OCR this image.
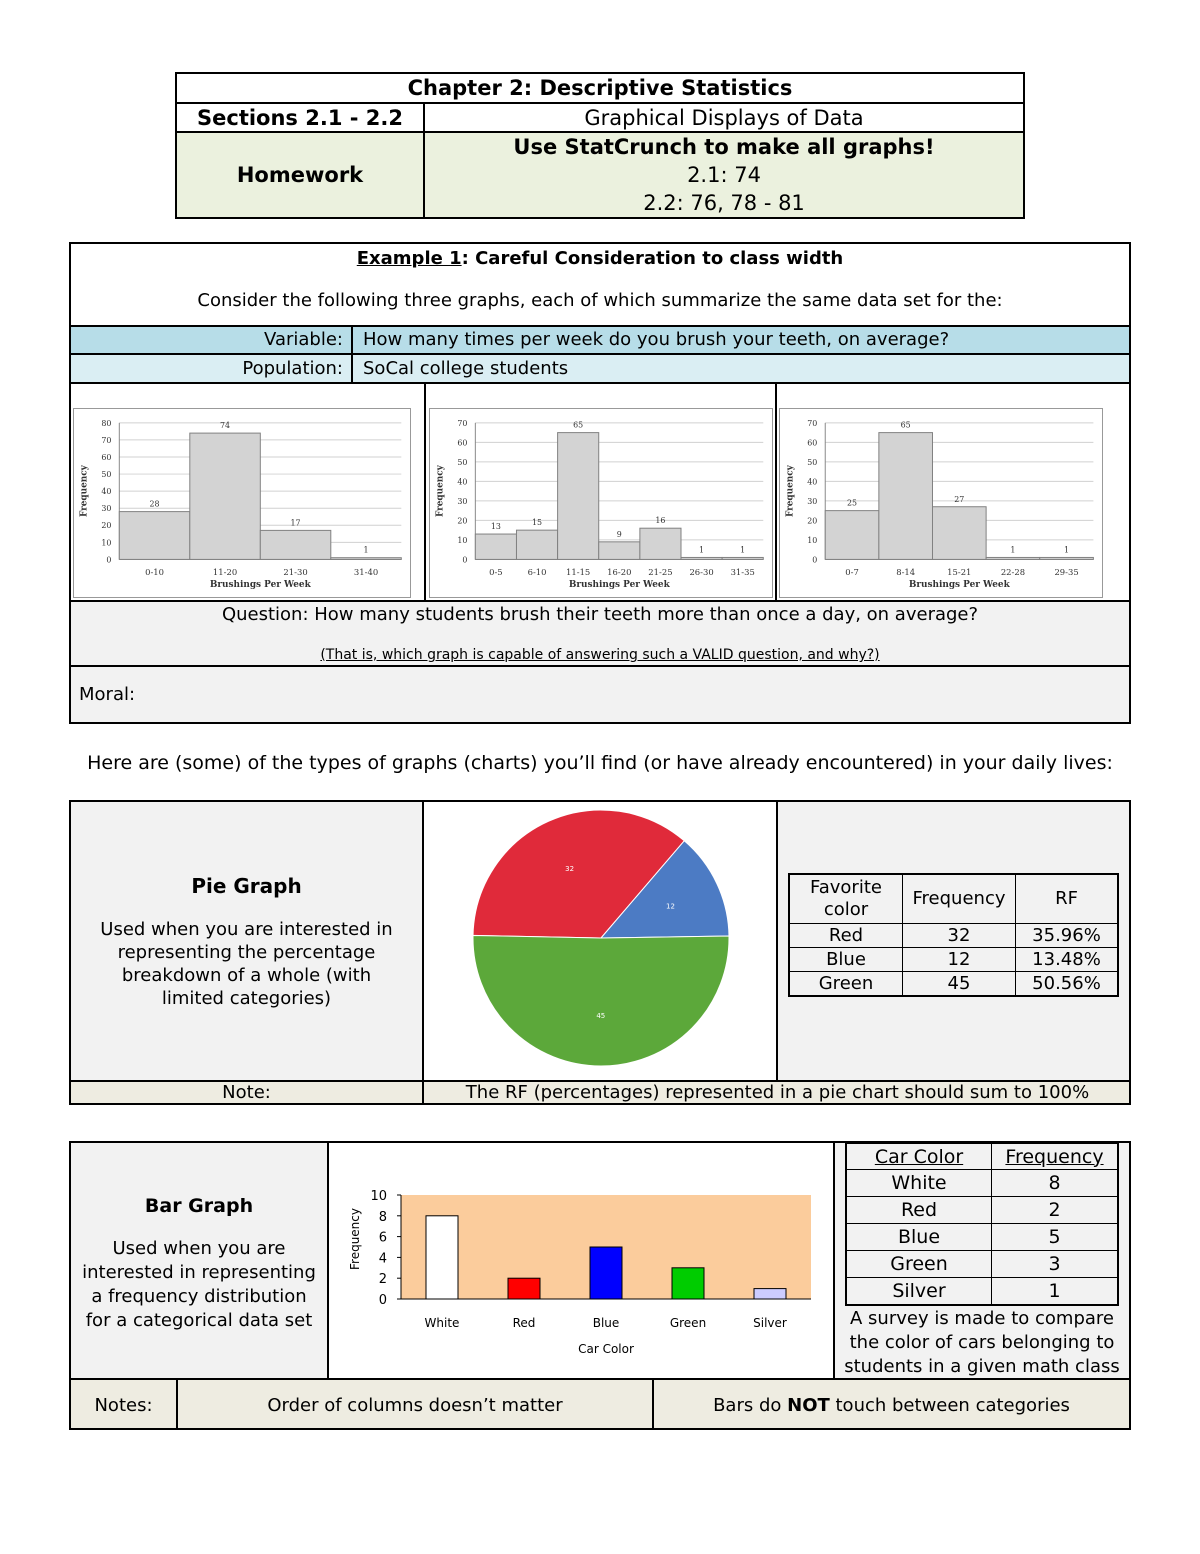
Chapter 2: Descriptive Statistics
Sections 2.1 - 2.2	Graphical Displays of Data
Homework
Use StatCrunch to make all graphs!
2.1: 74
2.2: 76, 78 - 81
Example 1: Careful Consideration to class width
Consider the following three graphs, each of which summarize the same data set for the:
Variable:	How many times per week do you brush your teeth, on average?
Population:	SoCal college students
0
10
20
30
40
50
60
70
80
28
0-10
74
11-20
17
21-30
1
31-40
Brushings Per Week
Frequency
0
10
20
30
40
50
60
70
13
0-5
15
6-10
65
11-15
9
16-20
16
21-25
1
26-30
1
31-35
Brushings Per Week
Frequency
0
10
20
30
40
50
60
70
25
0-7
65
8-14
27
15-21
1
22-28
1
29-35
Brushings Per Week
Frequency
Question: How many students brush their teeth more than once a day, on average?
(That is, which graph is capable of answering such a VALID question, and why?)
Moral:
Here are (some) of the types of graphs (charts) you’ll find (or have already encountered) in your daily lives:
Pie Graph
Used when you are interested in representing the percentage breakdown of a whole (with limited categories)
32
12
45
Favorite color	Frequency	RF
Red	32	35.96%
Blue	12	13.48%
Green	45	50.56%
Note:	The RF (percentages) represented in a pie chart should sum to 100%
Bar Graph
Used when you are interested in representing a frequency distribution for a categorical data set
0
2
4
6
8
10
White	Red	Blue	Green	Silver
Car Color
Frequency
Car Color	Frequency
White	8
Red	2
Blue	5
Green	3
Silver	1
A survey is made to compare the color of cars belonging to students in a given math class
Notes:	Order of columns doesn’t matter	Bars do NOT touch between categories
